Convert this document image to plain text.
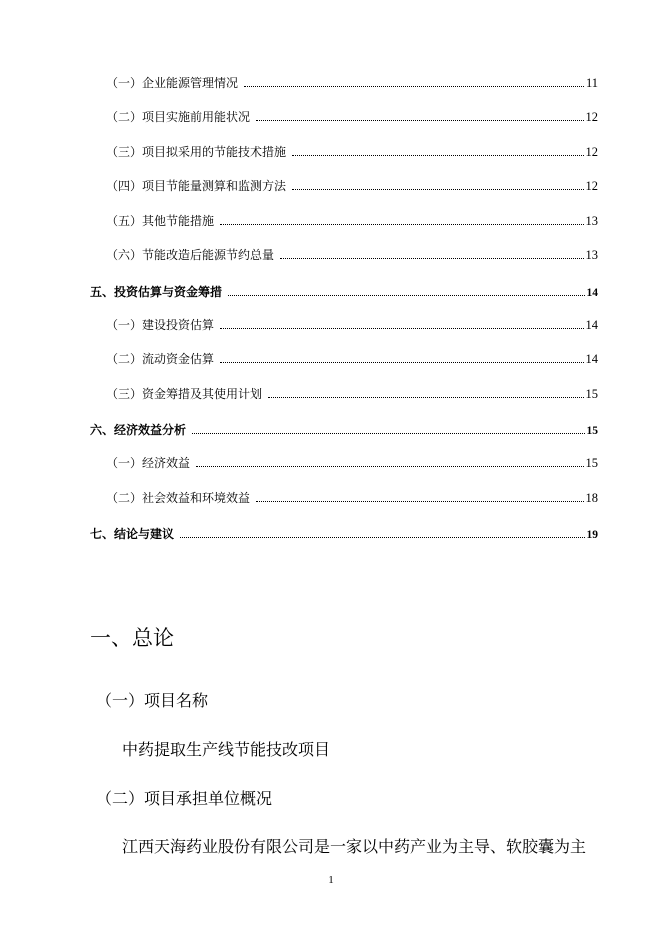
（一）企业能源管理情况	11
（二）项目实施前用能状况	12
（三）项目拟采用的节能技术措施	12
（四）项目节能量测算和监测方法	12
（五）其他节能措施	13
（六）节能改造后能源节约总量	13
五、投资估算与资金筹措	14
（一）建设投资估算	14
（二）流动资金估算	14
（三）资金筹措及其使用计划	15
六、经济效益分析	15
（一）经济效益	15
（二）社会效益和环境效益	18
七、结论与建议	19
一、总论
（一）项目名称
中药提取生产线节能技改项目
（二）项目承担单位概况
江西天海药业股份有限公司是一家以中药产业为主导、软胶囊为主
1
